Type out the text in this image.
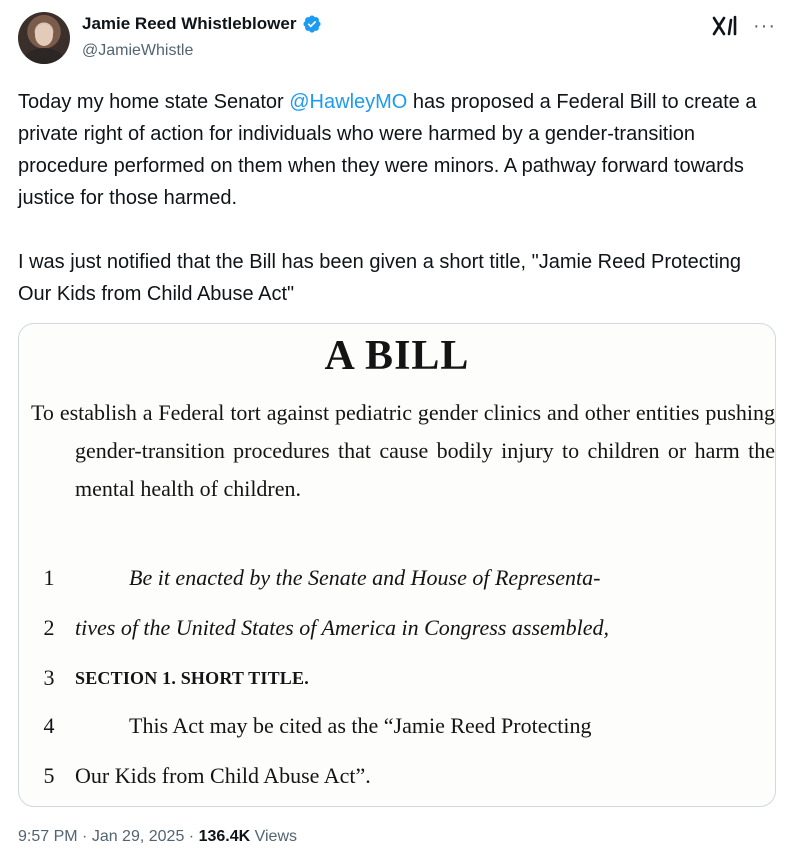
Jamie Reed Whistleblower
@JamieWhistle
···

Today my home state Senator @HawleyMO has proposed a Federal Bill to create a private right of action for individuals who were harmed by a gender-transition procedure performed on them when they were minors. A pathway forward towards justice for those harmed.

I was just notified that the Bill has been given a short title, "Jamie Reed Protecting Our Kids from Child Abuse Act"

A BILL
To establish a Federal tort against pediatric gender clinics and other entities pushing gender-transition procedures that cause bodily injury to children or harm the mental health of children.
1	Be it enacted by the Senate and House of Representa-
2 tives of the United States of America in Congress assembled,
3 SECTION 1. SHORT TITLE.
4	This Act may be cited as the “Jamie Reed Protecting
5 Our Kids from Child Abuse Act”.
9:57 PM · Jan 29, 2025 · 136.4K Views
